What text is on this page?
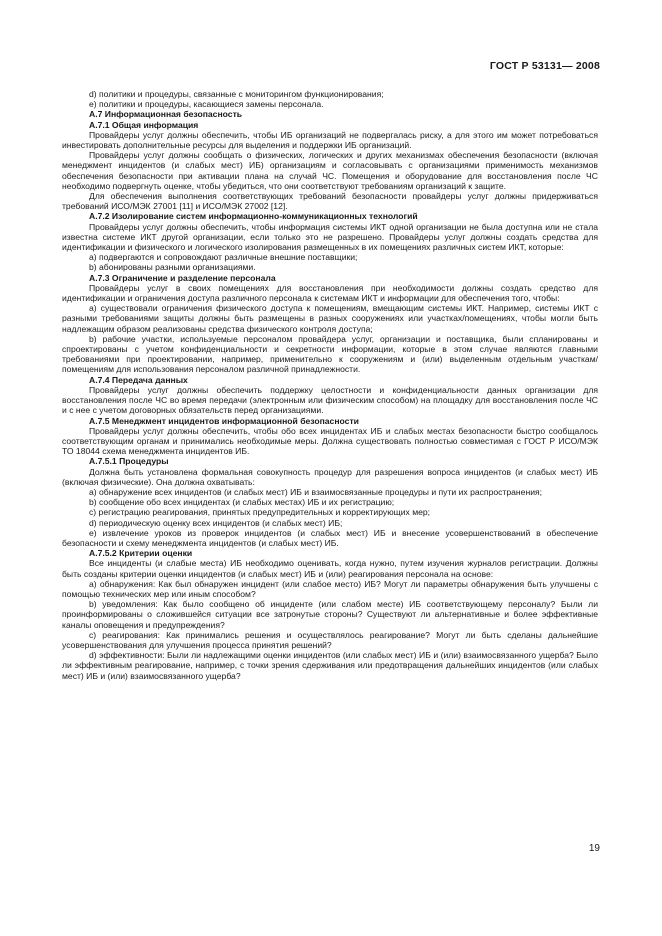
ГОСТ Р 53131— 2008

d) политики и процедуры, связанные с мониторингом функционирования;

e) политики и процедуры, касающиеся замены персонала.

А.7 Информационная безопасность

А.7.1 Общая информация

Провайдеры услуг должны обеспечить, чтобы ИБ организаций не подвергалась риску, а для этого им может потребоваться инвестировать дополнительные ресурсы для выделения и поддержки ИБ организаций.

Провайдеры услуг должны сообщать о физических, логических и других механизмах обеспечения безопасности (включая менеджмент инцидентов (и слабых мест) ИБ) организациям и согласовывать с организациями применимость механизмов обеспечения безопасности при активации плана на случай ЧС. Помещения и оборудование для восстановления после ЧС необходимо подвергнуть оценке, чтобы убедиться, что они соответствуют требованиям организаций к защите.

Для обеспечения выполнения соответствующих требований безопасности провайдеры услуг должны придерживаться требований ИСО/МЭК 27001 [11] и ИСО/МЭК 27002 [12].

А.7.2 Изолирование систем информационно-коммуникационных технологий

Провайдеры услуг должны обеспечить, чтобы информация системы ИКТ одной организации не была доступна или не стала известна системе ИКТ другой организации, если только это не разрешено. Провайдеры услуг должны создать средства для идентификации и физического и логического изолирования размещенных в их помещениях различных систем ИКТ, которые:

a) подвергаются и сопровождают различные внешние поставщики;

b) абонированы разными организациями.

А.7.3 Ограничение и разделение персонала

Провайдеры услуг в своих помещениях для восстановления при необходимости должны создать средство для идентификации и ограничения доступа различного персонала к системам ИКТ и информации для обеспечения того, чтобы:

a) существовали ограничения физического доступа к помещениям, вмещающим системы ИКТ. Например, системы ИКТ с разными требованиями защиты должны быть размещены в разных сооружениях или участках/помещениях, чтобы могли быть надлежащим образом реализованы средства физического контроля доступа;

b) рабочие участки, используемые персоналом провайдера услуг, организации и поставщика, были спланированы и спроектированы с учетом конфиденциальности и секретности информации, которые в этом случае являются главными требованиями при проектировании, например, применительно к сооружениям и (или) выделенным отдельным участкам/помещениям для использования персоналом различной принадлежности.

А.7.4 Передача данных

Провайдеры услуг должны обеспечить поддержку целостности и конфиденциальности данных организации для восстановления после ЧС во время передачи (электронным или физическим способом) на площадку для восстановления после ЧС и с нее с учетом договорных обязательств перед организациями.

А.7.5 Менеджмент инцидентов информационной безопасности

Провайдеры услуг должны обеспечить, чтобы обо всех инцидентах ИБ и слабых местах безопасности быстро сообщалось соответствующим органам и принимались необходимые меры. Должна существовать полностью совместимая с ГОСТ Р ИСО/МЭК ТО 18044 схема менеджмента инцидентов ИБ.

А.7.5.1 Процедуры

Должна быть установлена формальная совокупность процедур для разрешения вопроса инцидентов (и слабых мест) ИБ (включая физические). Она должна охватывать:

a) обнаружение всех инцидентов (и слабых мест) ИБ и взаимосвязанные процедуры и пути их распространения;

b) сообщение обо всех инцидентах (и слабых местах) ИБ и их регистрацию;

c) регистрацию реагирования, принятых предупредительных и корректирующих мер;

d) периодическую оценку всех инцидентов (и слабых мест) ИБ;

e) извлечение уроков из проверок инцидентов (и слабых мест) ИБ и внесение усовершенствований в обеспечение безопасности и схему менеджмента инцидентов (и слабых мест) ИБ.

А.7.5.2 Критерии оценки

Все инциденты (и слабые места) ИБ необходимо оценивать, когда нужно, путем изучения журналов регистрации. Должны быть созданы критерии оценки инцидентов (и слабых мест) ИБ и (или) реагирования персонала на основе:

a) обнаружения: Как был обнаружен инцидент (или слабое место) ИБ? Могут ли параметры обнаружения быть улучшены с помощью технических мер или иным способом?

b) уведомления: Как было сообщено об инциденте (или слабом месте) ИБ соответствующему персоналу? Были ли проинформированы о сложившейся ситуации все затронутые стороны? Существуют ли альтернативные и более эффективные каналы оповещения и предупреждения?

c) реагирования: Как принимались решения и осуществлялось реагирование? Могут ли быть сделаны дальнейшие усовершенствования для улучшения процесса принятия решений?

d) эффективности: Были ли надлежащими оценки инцидентов (или слабых мест) ИБ и (или) взаимосвязанного ущерба? Было ли эффективным реагирование, например, с точки зрения сдерживания или предотвращения дальнейших инцидентов (или слабых мест) ИБ и (или) взаимосвязанного ущерба?

19
